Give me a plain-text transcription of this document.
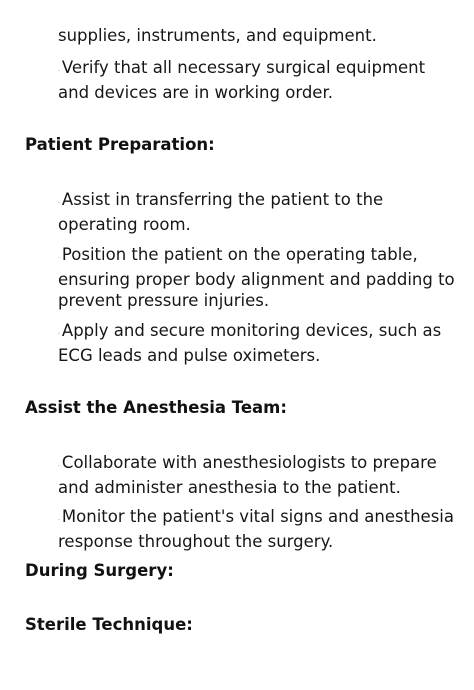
supplies, instruments, and equipment.
· Verify that all necessary surgical equipment and devices are in working order.
Patient Preparation:
· Assist in transferring the patient to the operating room.
· Position the patient on the operating table, ensuring proper body alignment and padding to prevent pressure injuries.
· Apply and secure monitoring devices, such as ECG leads and pulse oximeters.
Assist the Anesthesia Team:
· Collaborate with anesthesiologists to prepare and administer anesthesia to the patient.
· Monitor the patient's vital signs and anesthesia response throughout the surgery.
During Surgery:
Sterile Technique:
